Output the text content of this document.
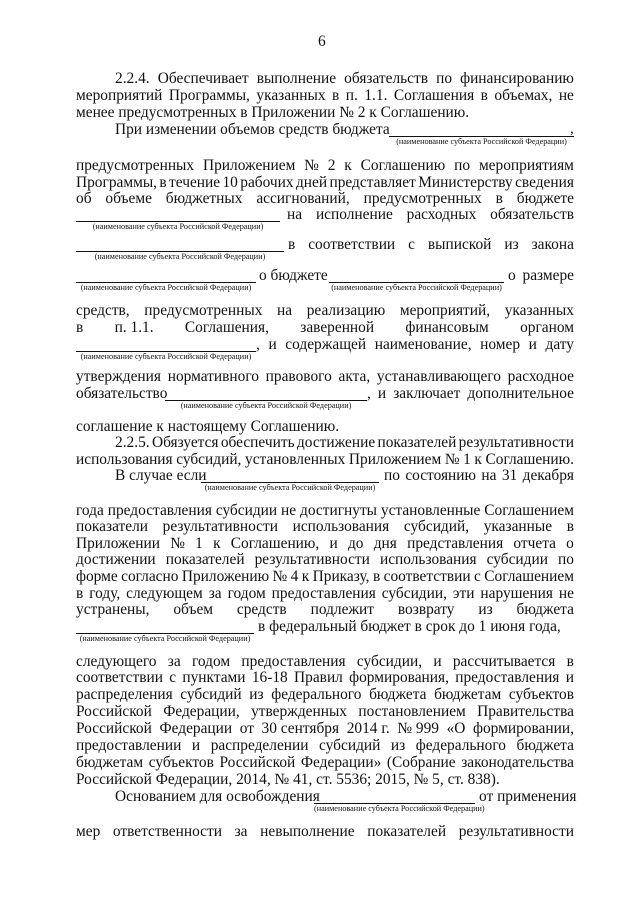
6
2.2.4. Обеспечивает выполнение обязательств по финансированию
мероприятий Программы, указанных в п. 1.1. Соглашения в объемах, не
менее предусмотренных в Приложении № 2 к Соглашению.
При изменении объемов средств бюджета	,
(наименование субъекта Российской Федерации)
предусмотренных Приложением № 2 к Соглашению по мероприятиям
Программы, в течение 10 рабочих дней представляет Министерству сведения
об объеме бюджетных ассигнований, предусмотренных в бюджете
на исполнение расходных обязательств
(наименование субъекта Российской Федерации)
в соответствии с выпиской из закона
(наименование субъекта Российской Федерации)
о бюджете	о размере
(наименование субъекта Российской Федерации)	(наименование субъекта Российской Федерации)
средств, предусмотренных на реализацию мероприятий, указанных
в п. 1.1. Соглашения, заверенной финансовым органом
, и содержащей наименование, номер и дату
(наименование субъекта Российской Федерации)
утверждения нормативного правового акта, устанавливающего расходное
обязательство	, и заключает дополнительное
(наименование субъекта Российской Федерации)
соглашение к настоящему Соглашению.
2.2.5. Обязуется обеспечить достижение показателей результативности
использования субсидий, установленных Приложением № 1 к Соглашению.
В случае если	по состоянию на 31 декабря
(наименование субъекта Российской Федерации)
года предоставления субсидии не достигнуты установленные Соглашением
показатели результативности использования субсидий, указанные в
Приложении № 1 к Соглашению, и до дня представления отчета о
достижении показателей результативности использования субсидии по
форме согласно Приложению № 4 к Приказу, в соответствии с Соглашением
в году, следующем за годом предоставления субсидии, эти нарушения не
устранены, объем средств подлежит возврату из бюджета
в федеральный бюджет в срок до 1 июня года,
(наименование субъекта Российской Федерации)
следующего за годом предоставления субсидии, и рассчитывается в
соответствии с пунктами 16-18 Правил формирования, предоставления и
распределения субсидий из федерального бюджета бюджетам субъектов
Российской Федерации, утвержденных постановлением Правительства
Российской Федерации от 30 сентября 2014 г. № 999 «О формировании,
предоставлении и распределении субсидий из федерального бюджета
бюджетам субъектов Российской Федерации» (Собрание законодательства
Российской Федерации, 2014, № 41, ст. 5536; 2015, № 5, ст. 838).
Основанием для освобождения	от применения
(наименование субъекта Российской Федерации)
мер ответственности за невыполнение показателей результативности
